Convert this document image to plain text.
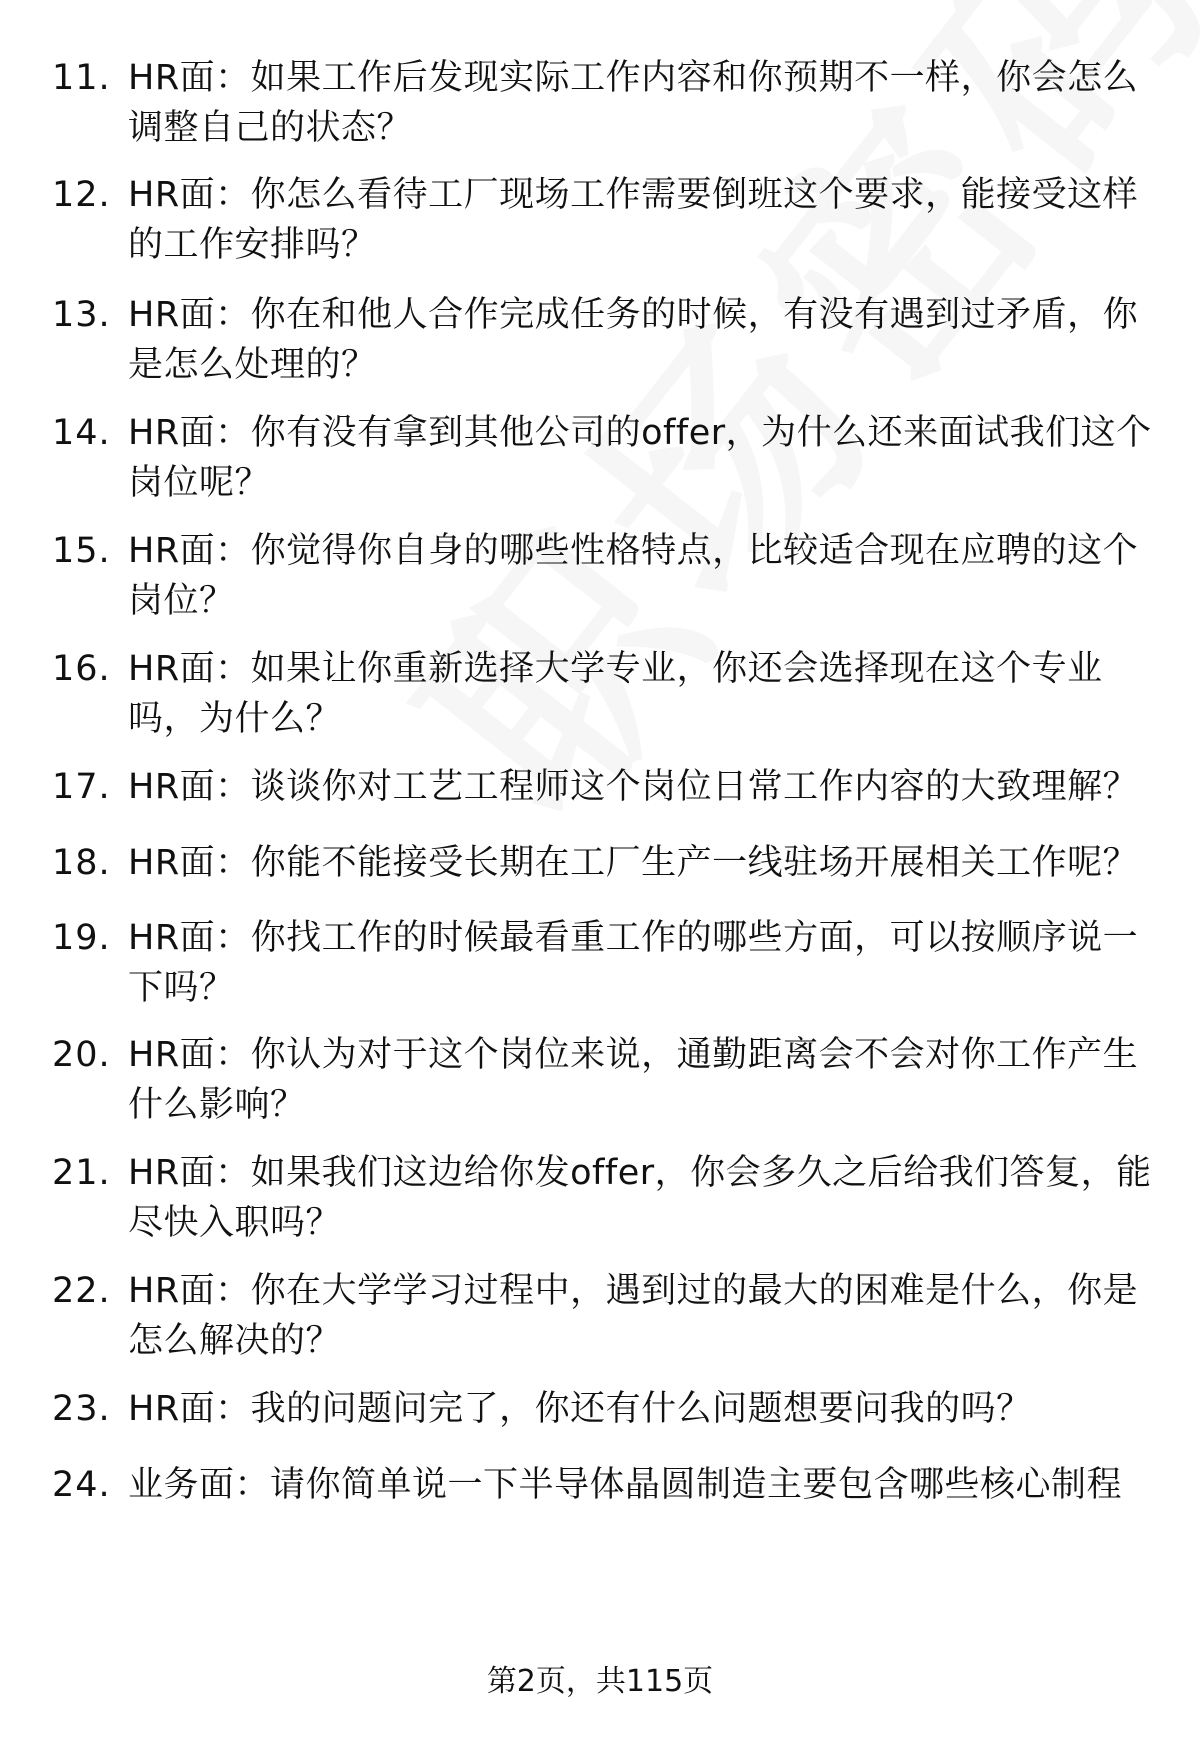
11. HR面：如果工作后发现实际工作内容和你预期不一样，你会怎么调整自己的状态？
12. HR面：你怎么看待工厂现场工作需要倒班这个要求，能接受这样的工作安排吗？
13. HR面：你在和他人合作完成任务的时候，有没有遇到过矛盾，你是怎么处理的？
14. HR面：你有没有拿到其他公司的offer，为什么还来面试我们这个岗位呢？
15. HR面：你觉得你自身的哪些性格特点，比较适合现在应聘的这个岗位？
16. HR面：如果让你重新选择大学专业，你还会选择现在这个专业吗，为什么？
17. HR面：谈谈你对工艺工程师这个岗位日常工作内容的大致理解？
18. HR面：你能不能接受长期在工厂生产一线驻场开展相关工作呢？
19. HR面：你找工作的时候最看重工作的哪些方面，可以按顺序说一下吗？
20. HR面：你认为对于这个岗位来说，通勤距离会不会对你工作产生什么影响？
21. HR面：如果我们这边给你发offer，你会多久之后给我们答复，能尽快入职吗？
22. HR面：你在大学学习过程中，遇到过的最大的困难是什么，你是怎么解决的？
23. HR面：我的问题问完了，你还有什么问题想要问我的吗？
24. 业务面：请你简单说一下半导体晶圆制造主要包含哪些核心制程
第2页，共115页
